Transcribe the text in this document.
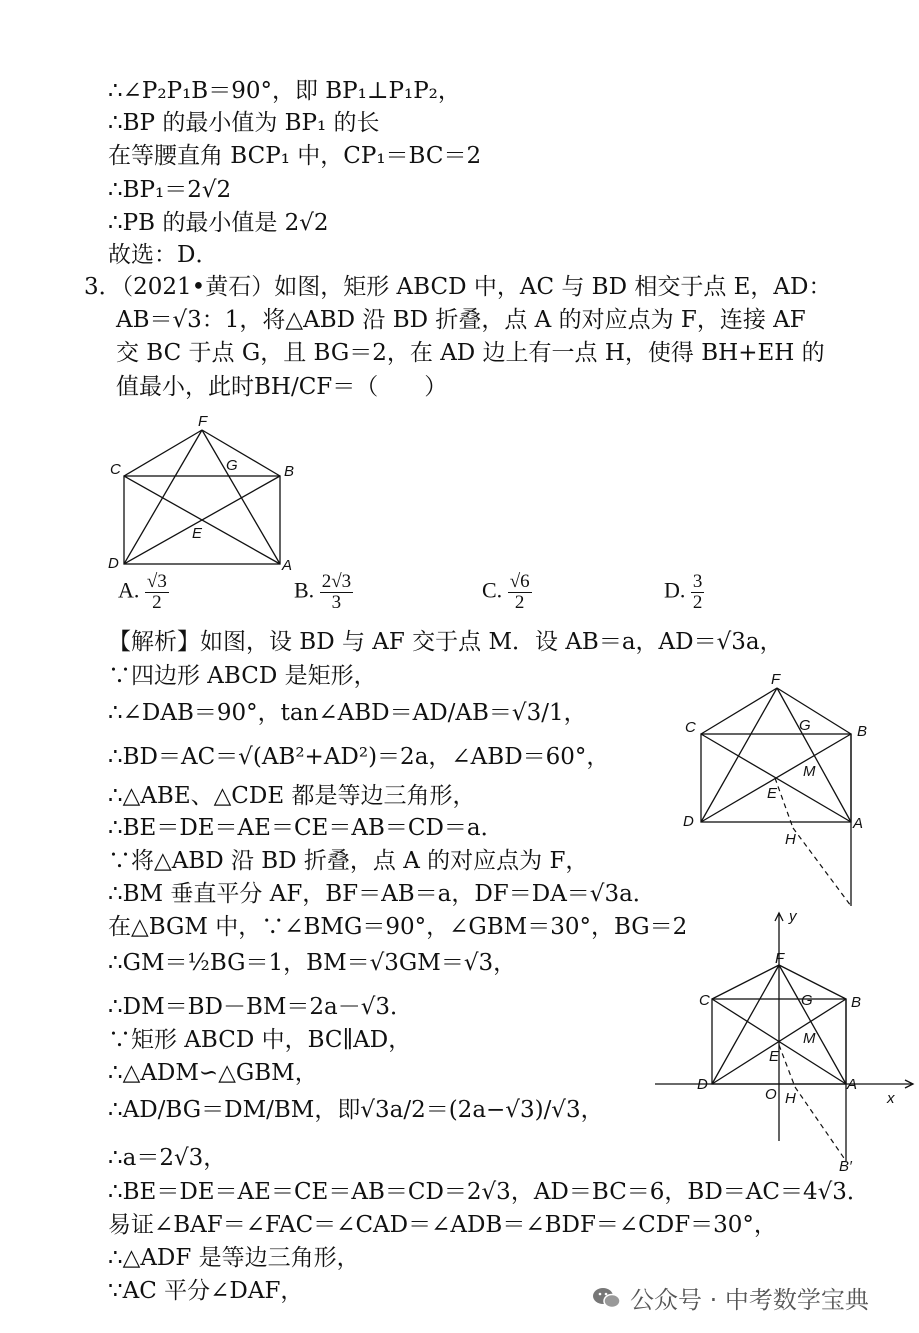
∴∠P₂P₁B＝90°，即 BP₁⊥P₁P₂，
∴BP 的最小值为 BP₁ 的长
在等腰直角 BCP₁ 中，CP₁＝BC＝2
∴BP₁＝2√2
∴PB 的最小值是 2√2
故选：D．
3．（2021•黄石）如图，矩形 ABCD 中，AC 与 BD 相交于点 E，AD：
AB＝√3：1，将△ABD 沿 BD 折叠，点 A 的对应点为 F，连接 AF
交 BC 于点 G，且 BG＝2，在 AD 边上有一点 H，使得 BH+EH 的
值最小，此时BH/CF＝（　　）
F
C	G	B
E
D	A
A. $\frac{√3}{2}$	B. $\frac{2√3}{3}$	C. $\frac{√6}{2}$	D. $\frac{3}{2}$
【解析】如图，设 BD 与 AF 交于点 M．设 AB＝a，AD＝√3a，
∵四边形 ABCD 是矩形，
∴∠DAB＝90°，tan∠ABD＝AD/AB＝√3/1，
∴BD＝AC＝√(AB²+AD²)＝2a，∠ABD＝60°，
∴△ABE、△CDE 都是等边三角形，
∴BE＝DE＝AE＝CE＝AB＝CD＝a．
∵将△ABD 沿 BD 折叠，点 A 的对应点为 F，
∴BM 垂直平分 AF，BF＝AB＝a，DF＝DA＝√3a．
在△BGM 中，∵∠BMG＝90°，∠GBM＝30°，BG＝2
∴GM＝½BG＝1，BM＝√3GM＝√3，
∴DM＝BD－BM＝2a－√3．
∵矩形 ABCD 中，BC∥AD，
∴△ADM∽△GBM，
∴AD/BG＝DM/BM，即√3a/2＝(2a−√3)/√3，
∴a＝2√3，
∴BE＝DE＝AE＝CE＝AB＝CD＝2√3，AD＝BC＝6，BD＝AC＝4√3．
易证∠BAF＝∠FAC＝∠CAD＝∠ADB＝∠BDF＝∠CDF＝30°，
∴△ADF 是等边三角形，
∵AC 平分∠DAF，
F
C	G	B
M
E
D
H
A
y
F
C	G	B
M
E
D
O H
A
x
B′
公众号 · 中考数学宝典
